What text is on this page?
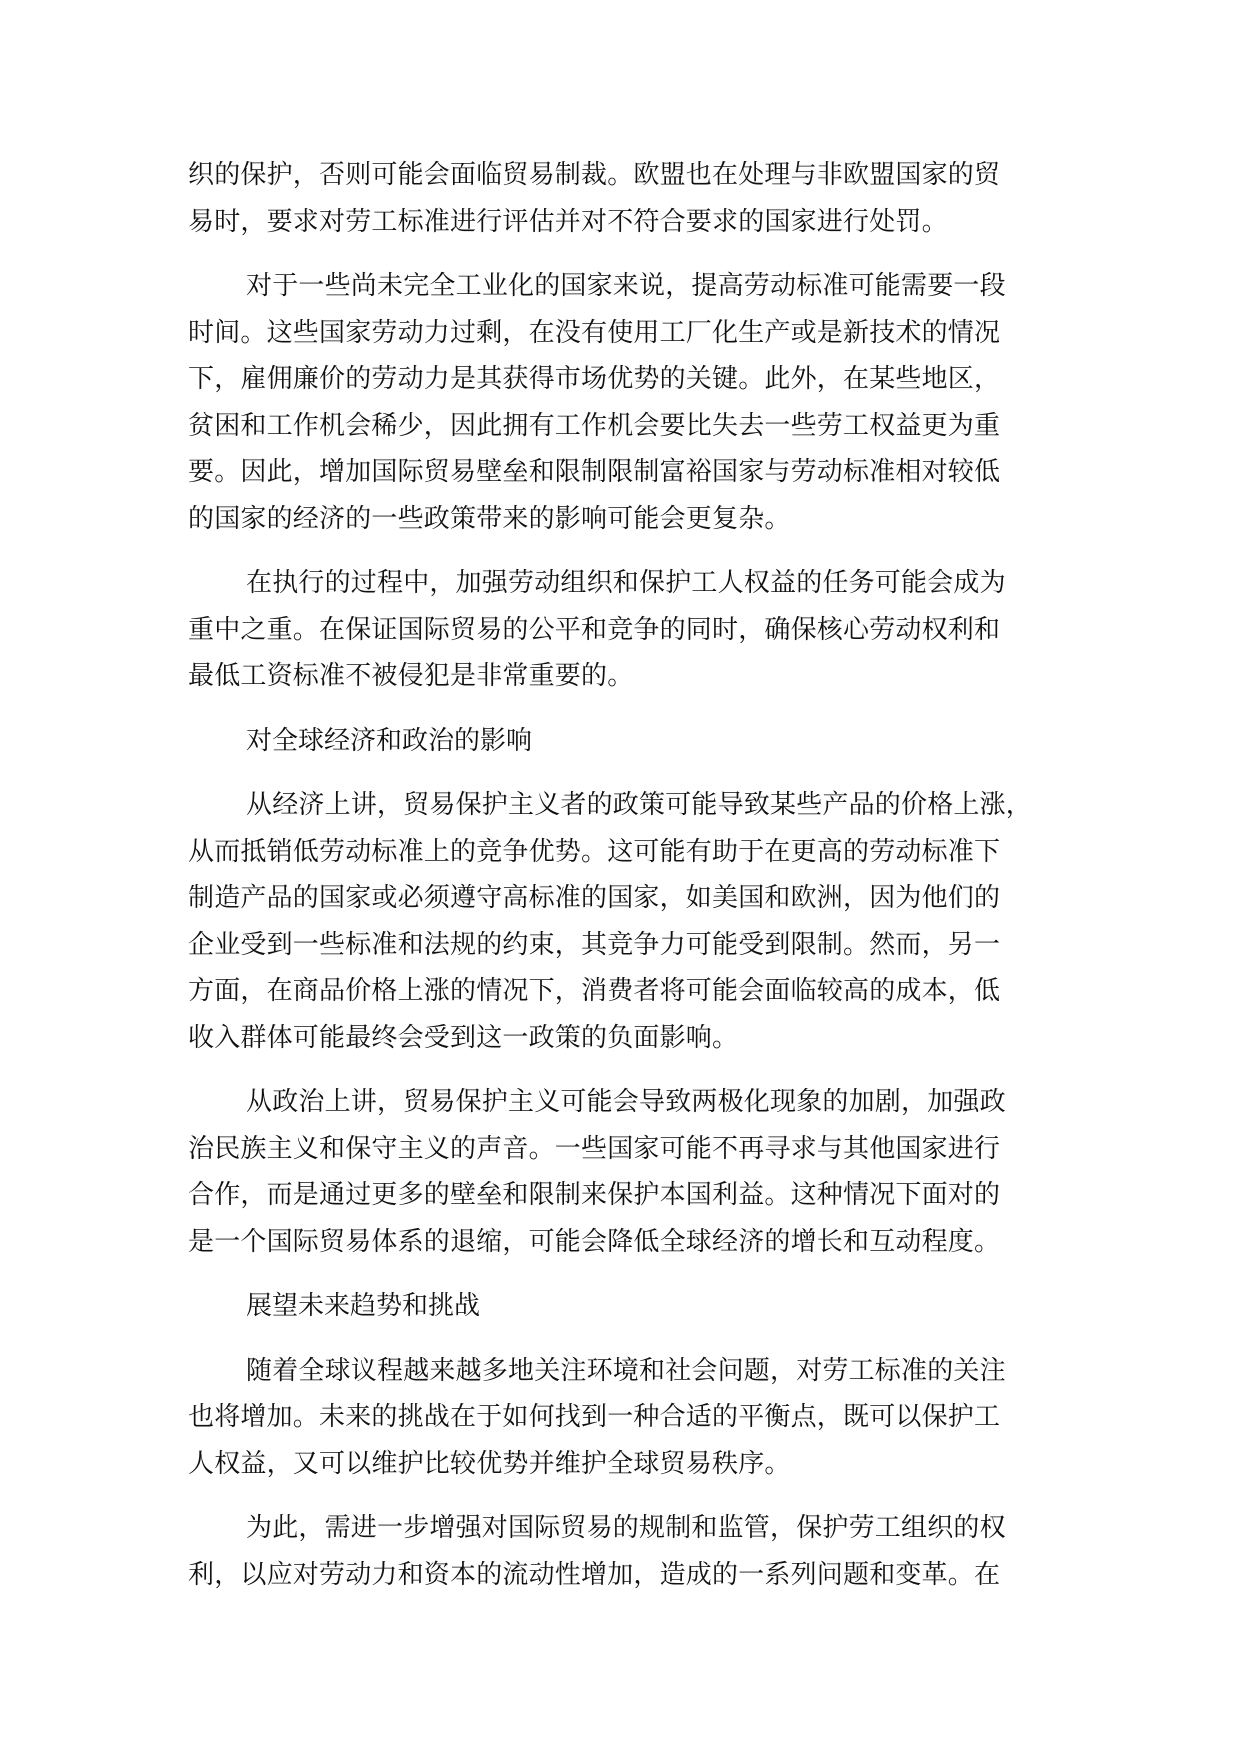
织的保护，否则可能会面临贸易制裁。欧盟也在处理与非欧盟国家的贸
易时，要求对劳工标准进行评估并对不符合要求的国家进行处罚。

对于一些尚未完全工业化的国家来说，提高劳动标准可能需要一段
时间。这些国家劳动力过剩，在没有使用工厂化生产或是新技术的情况
下，雇佣廉价的劳动力是其获得市场优势的关键。此外，在某些地区，
贫困和工作机会稀少，因此拥有工作机会要比失去一些劳工权益更为重
要。因此，增加国际贸易壁垒和限制限制富裕国家与劳动标准相对较低
的国家的经济的一些政策带来的影响可能会更复杂。

在执行的过程中，加强劳动组织和保护工人权益的任务可能会成为
重中之重。在保证国际贸易的公平和竞争的同时，确保核心劳动权利和
最低工资标准不被侵犯是非常重要的。

对全球经济和政治的影响

从经济上讲，贸易保护主义者的政策可能导致某些产品的价格上涨，
从而抵销低劳动标准上的竞争优势。这可能有助于在更高的劳动标准下
制造产品的国家或必须遵守高标准的国家，如美国和欧洲，因为他们的
企业受到一些标准和法规的约束，其竞争力可能受到限制。然而，另一
方面，在商品价格上涨的情况下，消费者将可能会面临较高的成本，低
收入群体可能最终会受到这一政策的负面影响。

从政治上讲，贸易保护主义可能会导致两极化现象的加剧，加强政
治民族主义和保守主义的声音。一些国家可能不再寻求与其他国家进行
合作，而是通过更多的壁垒和限制来保护本国利益。这种情况下面对的
是一个国际贸易体系的退缩，可能会降低全球经济的增长和互动程度。

展望未来趋势和挑战

随着全球议程越来越多地关注环境和社会问题，对劳工标准的关注
也将增加。未来的挑战在于如何找到一种合适的平衡点，既可以保护工
人权益，又可以维护比较优势并维护全球贸易秩序。

为此，需进一步增强对国际贸易的规制和监管，保护劳工组织的权
利，以应对劳动力和资本的流动性增加，造成的一系列问题和变革。在
